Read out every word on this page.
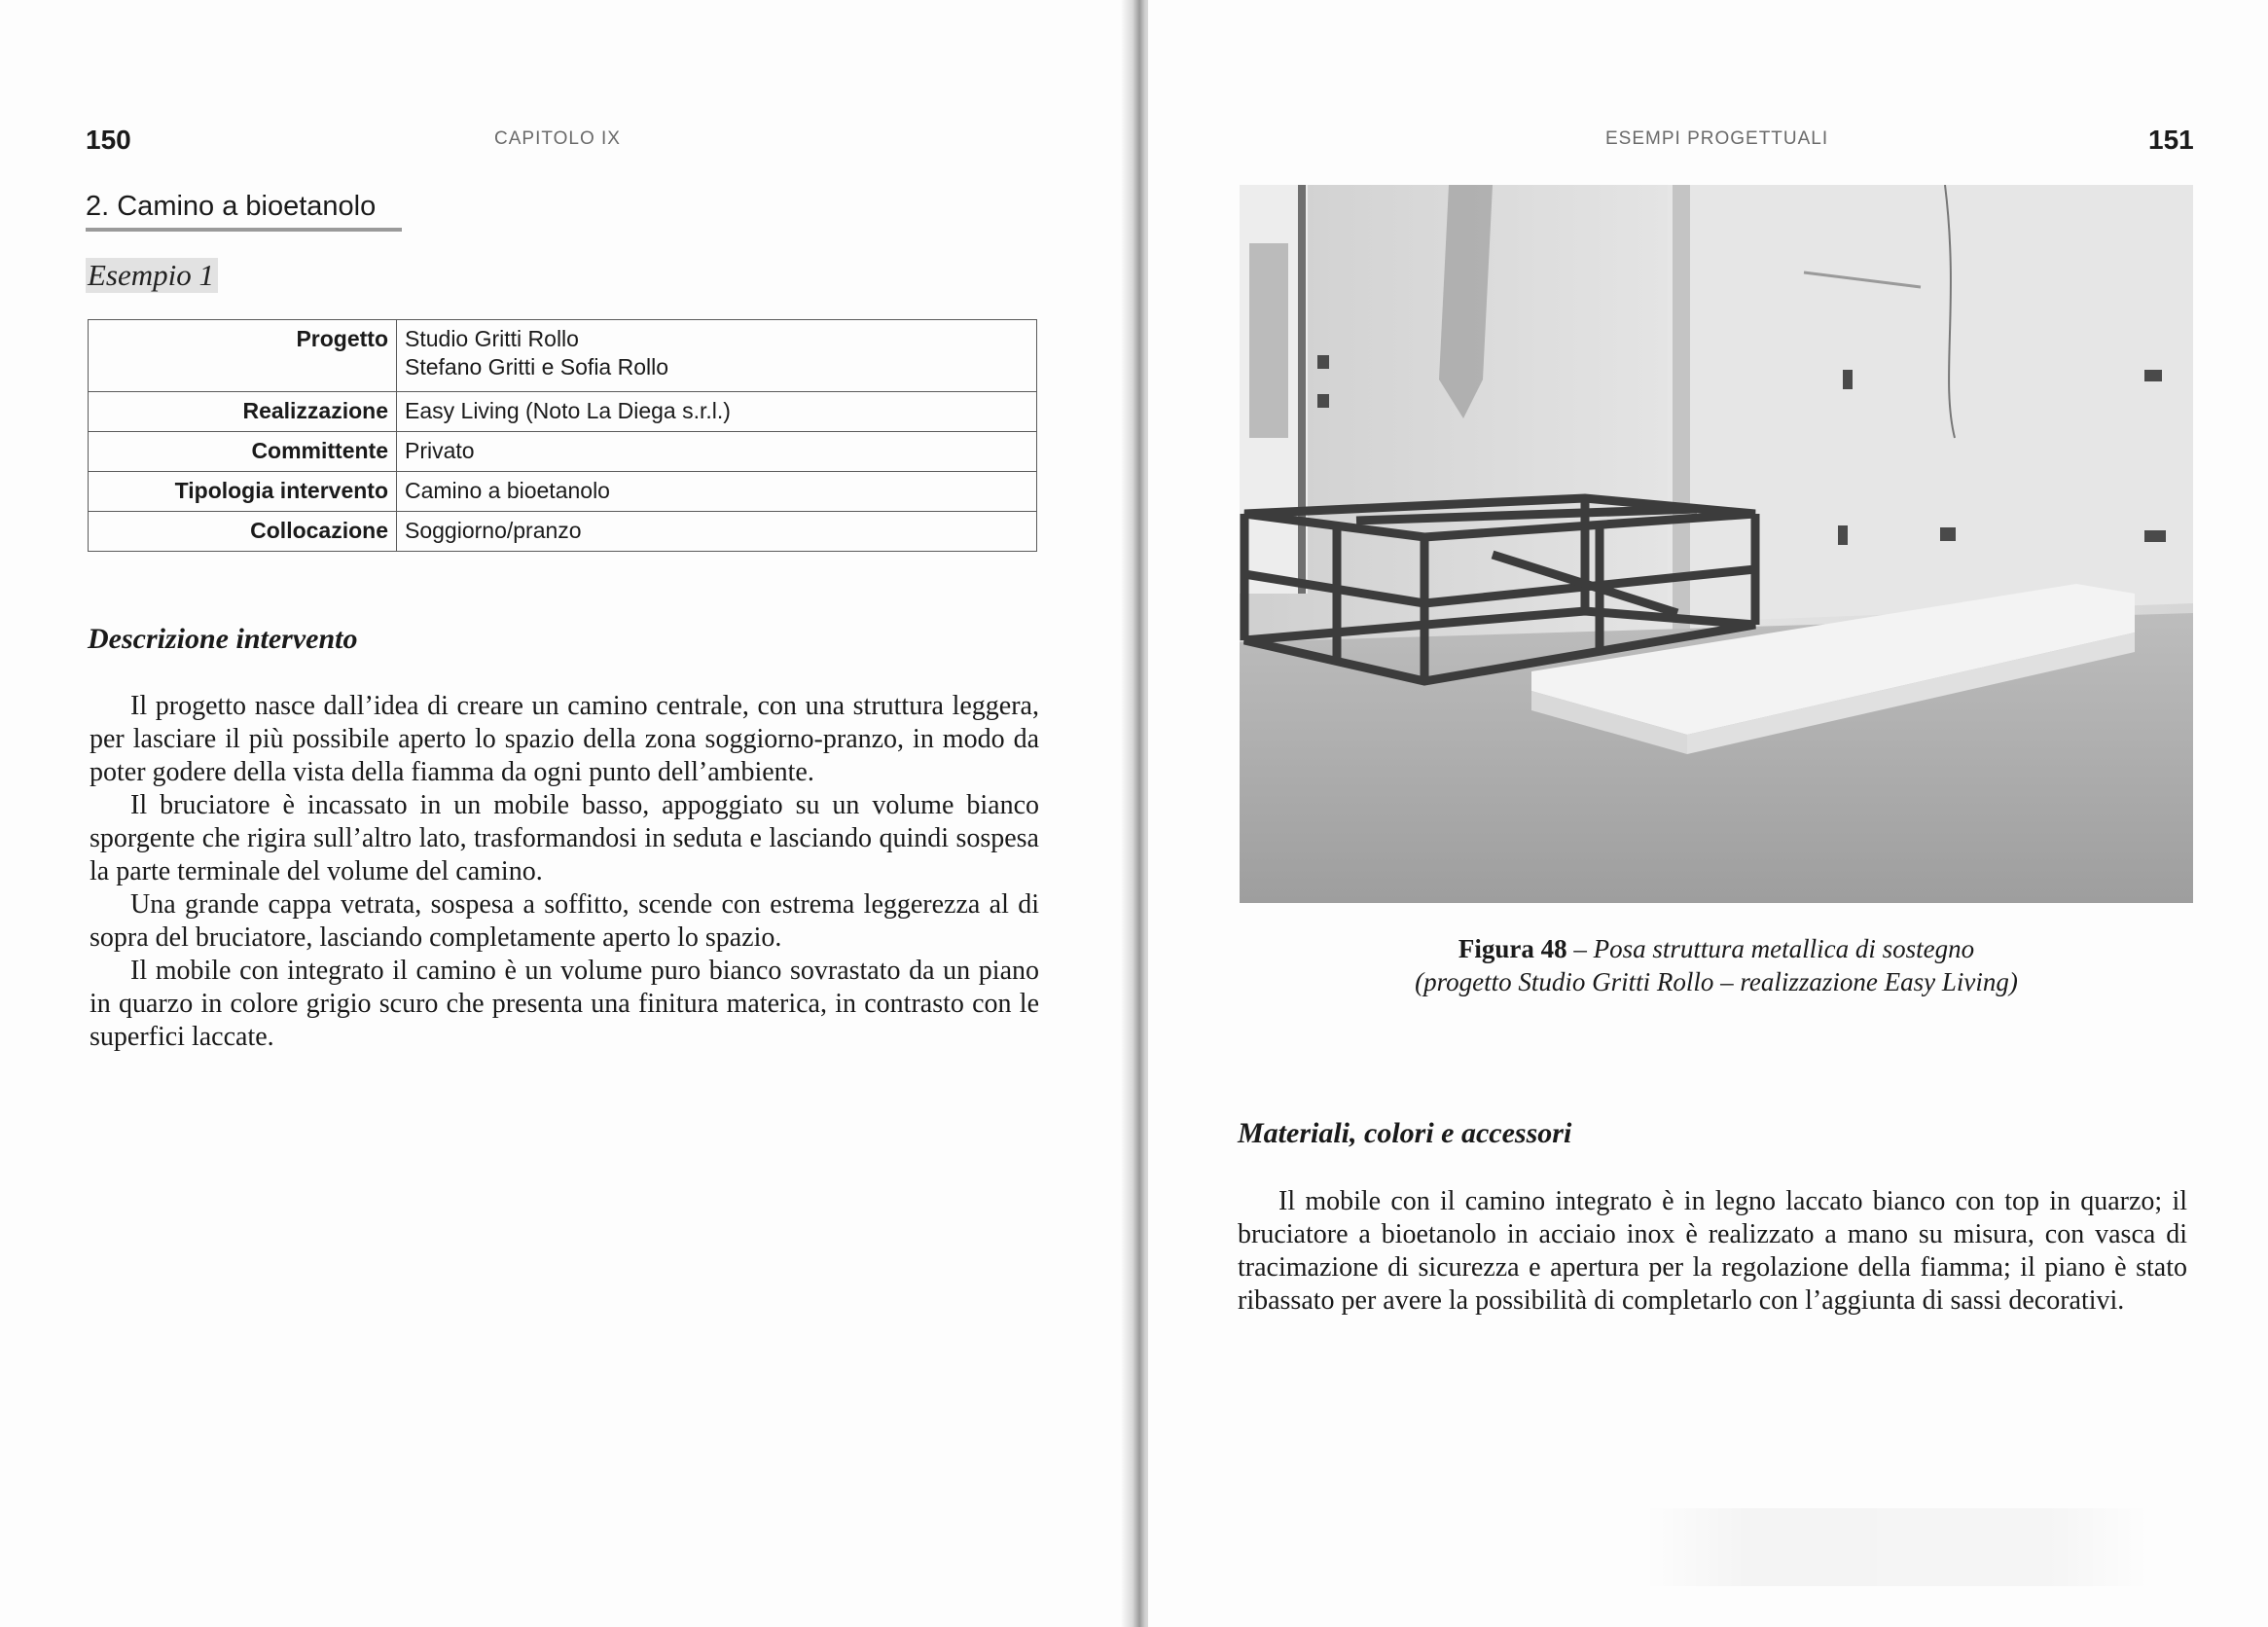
150	CAPITOLO IX
2. Camino a bioetanolo
Esempio 1
Progetto	Studio Gritti Rollo
Stefano Gritti e Sofia Rollo

Realizzazione	Easy Living (Noto La Diega s.r.l.)
Committente	Privato
Tipologia intervento	Camino a bioetanolo
Collocazione	Soggiorno/pranzo
Descrizione intervento

Il progetto nasce dall’idea di creare un camino centrale, con una struttura leggera, per lasciare il più possibile aperto lo spazio della zona soggiorno-pranzo, in modo da poter godere della vista della fiamma da ogni punto dell’ambiente.

Il bruciatore è incassato in un mobile basso, appoggiato su un volume bianco sporgente che rigira sull’altro lato, trasformandosi in seduta e lasciando quindi sospesa la parte terminale del volume del camino.

Una grande cappa vetrata, sospesa a soffitto, scende con estrema leggerezza al di sopra del bruciatore, lasciando completamente aperto lo spazio.

Il mobile con integrato il camino è un volume puro bianco sovrastato da un piano in quarzo in colore grigio scuro che presenta una finitura materica, in contrasto con le superfici laccate.

ESEMPI PROGETTUALI	151
Figura 48 – Posa struttura metallica di sostegno
(progetto Studio Gritti Rollo – realizzazione Easy Living)
Materiali, colori e accessori

Il mobile con il camino integrato è in legno laccato bianco con top in quarzo; il bruciatore a bioetanolo in acciaio inox è realizzato a mano su misura, con vasca di tracimazione di sicurezza e apertura per la regolazione della fiamma; il piano è stato ribassato per avere la possibilità di completarlo con l’aggiunta di sassi decorativi.
